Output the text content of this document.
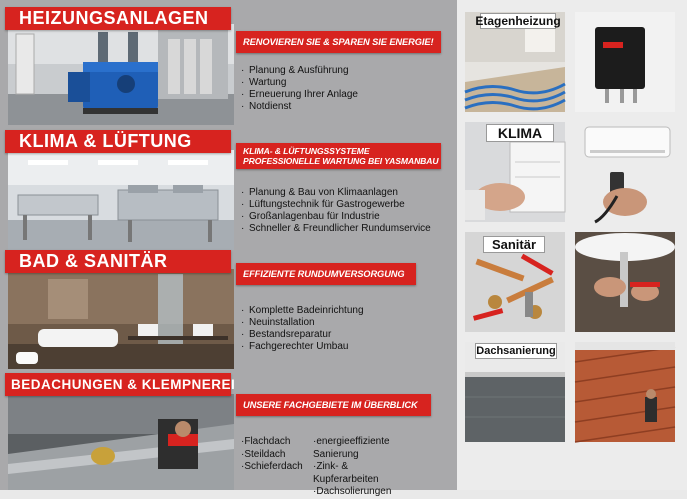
HEIZUNGSANLAGEN
RENOVIEREN SIE & SPAREN SIE ENERGIE!
· Planung & Ausführung
· Wartung
· Erneuerung Ihrer Anlage
· Notdienst
KLIMA & LÜFTUNG	KLIMA- & LÜFTUNGSSYSTEME
PROFESSIONELLE WARTUNG BEI YASMANBAU
· Planung & Bau von Klimaanlagen
· Lüftungstechnik für Gastrogewerbe
· Großanlagenbau für Industrie
· Schneller & Freundlicher Rundumservice
BAD & SANITÄR
EFFIZIENTE RUNDUMVERSORGUNG
· Komplette Badeinrichtung
· Neuinstallation
· Bestandsreparatur
· Fachgerechter Umbau
BEDACHUNGEN & KLEMPNEREI
UNSERE FACHGEBIETE IM ÜBERBLICK
·Flachdach
·Steildach
·Schieferdach
·energieeffiziente Sanierung
·Zink- & Kupferarbeiten
·Dachsolierungen
Etagenheizung
KLIMA
Sanitär
Dachsanierung
